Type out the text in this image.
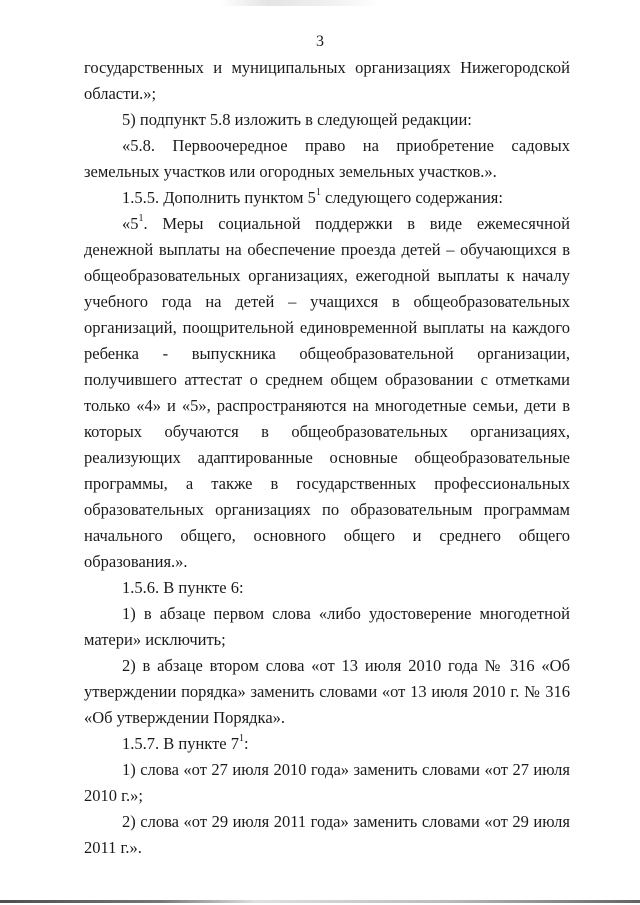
3

государственных и муниципальных организациях Нижегородской области.»;

5) подпункт 5.8 изложить в следующей редакции:

«5.8. Первоочередное право на приобретение садовых земельных участков или огородных земельных участков.».

1.5.5. Дополнить пунктом $5^1$ следующего содержания:

«$5^1$. Меры социальной поддержки в виде ежемесячной денежной выплаты на обеспечение проезда детей – обучающихся в общеобразовательных организациях, ежегодной выплаты к началу учебного года на детей – учащихся в общеобразовательных организаций, поощрительной единовременной выплаты на каждого ребенка - выпускника общеобразовательной организации, получившего аттестат о среднем общем образовании с отметками только «4» и «5», распространяются на многодетные семьи, дети в которых обучаются в общеобразовательных организациях, реализующих адаптированные основные общеобразовательные программы, а также в государственных профессиональных образовательных организациях по образовательным программам начального общего, основного общего и среднего общего образования.».

1.5.6. В пункте 6:

1) в абзаце первом слова «либо удостоверение многодетной матери» исключить;

2) в абзаце втором слова «от 13 июля 2010 года № 316 «Об утверждении порядка» заменить словами «от 13 июля 2010 г. № 316 «Об утверждении Порядка».

1.5.7. В пункте $7^1$:

1) слова «от 27 июля 2010 года» заменить словами «от 27 июля 2010 г.»;

2) слова «от 29 июля 2011 года» заменить словами «от 29 июля 2011 г.».
